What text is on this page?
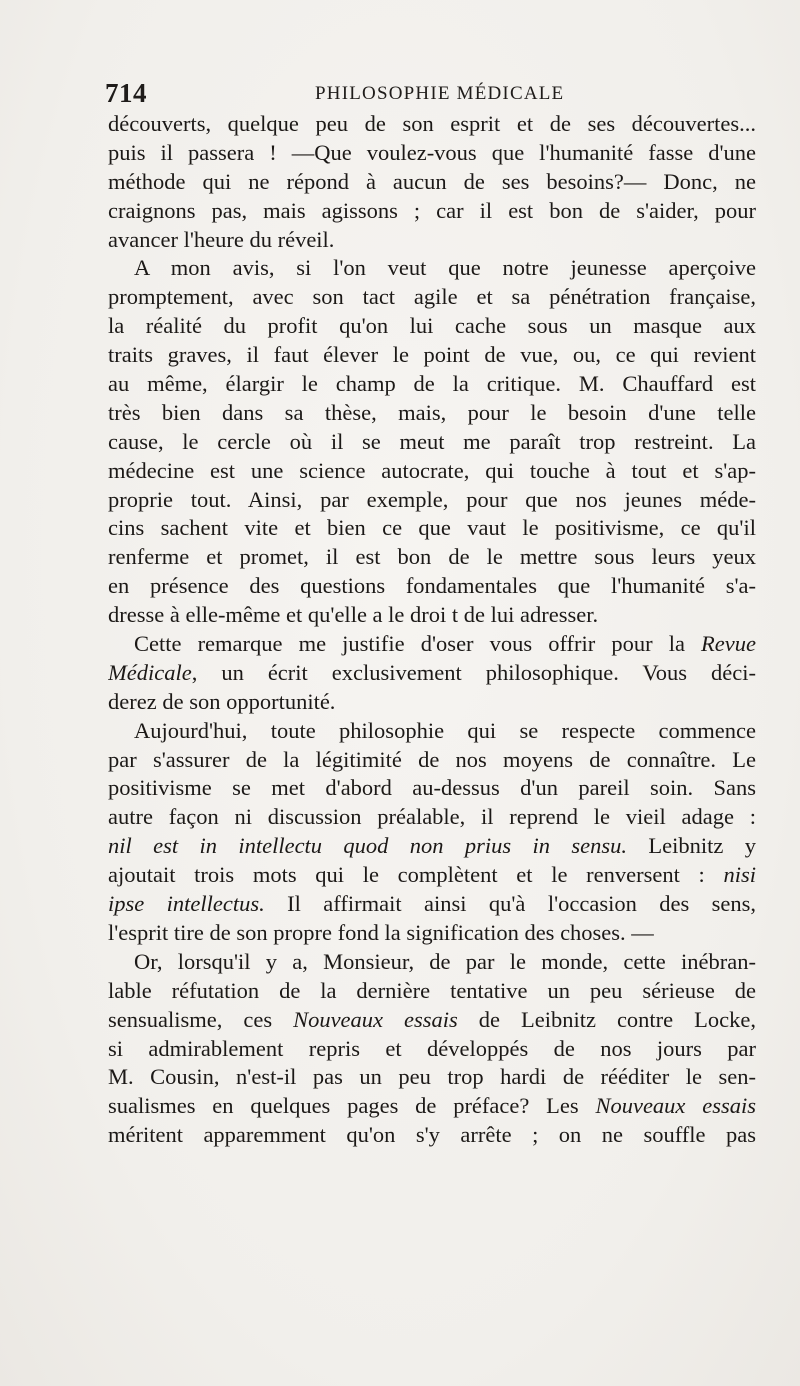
714	PHILOSOPHIE MÉDICALE
découverts, quelque peu de son esprit et de ses découvertes...
puis il passera ! —Que voulez-vous que l'humanité fasse d'une
méthode qui ne répond à aucun de ses besoins?— Donc, ne
craignons pas, mais agissons ; car il est bon de s'aider, pour
avancer l'heure du réveil.
A mon avis, si l'on veut que notre jeunesse aperçoive
promptement, avec son tact agile et sa pénétration française,
la réalité du profit qu'on lui cache sous un masque aux
traits graves, il faut élever le point de vue, ou, ce qui revient
au même, élargir le champ de la critique. M. Chauffard est
très bien dans sa thèse, mais, pour le besoin d'une telle
cause, le cercle où il se meut me paraît trop restreint. La
médecine est une science autocrate, qui touche à tout et s'ap-
proprie tout. Ainsi, par exemple, pour que nos jeunes méde-
cins sachent vite et bien ce que vaut le positivisme, ce qu'il
renferme et promet, il est bon de le mettre sous leurs yeux
en présence des questions fondamentales que l'humanité s'a-
dresse à elle-même et qu'elle a le droi t de lui adresser.
Cette remarque me justifie d'oser vous offrir pour la Revue
Médicale, un écrit exclusivement philosophique. Vous déci-
derez de son opportunité.
Aujourd'hui, toute philosophie qui se respecte commence
par s'assurer de la légitimité de nos moyens de connaître. Le
positivisme se met d'abord au-dessus d'un pareil soin. Sans
autre façon ni discussion préalable, il reprend le vieil adage :
nil est in intellectu quod non prius in sensu. Leibnitz y
ajoutait trois mots qui le complètent et le renversent : nisi
ipse intellectus. Il affirmait ainsi qu'à l'occasion des sens,
l'esprit tire de son propre fond la signification des choses. —
Or, lorsqu'il y a, Monsieur, de par le monde, cette inébran-
lable réfutation de la dernière tentative un peu sérieuse de
sensualisme, ces Nouveaux essais de Leibnitz contre Locke,
si admirablement repris et développés de nos jours par
M. Cousin, n'est-il pas un peu trop hardi de rééditer le sen-
sualismes en quelques pages de préface? Les Nouveaux essais
méritent apparemment qu'on s'y arrête ; on ne souffle pas
